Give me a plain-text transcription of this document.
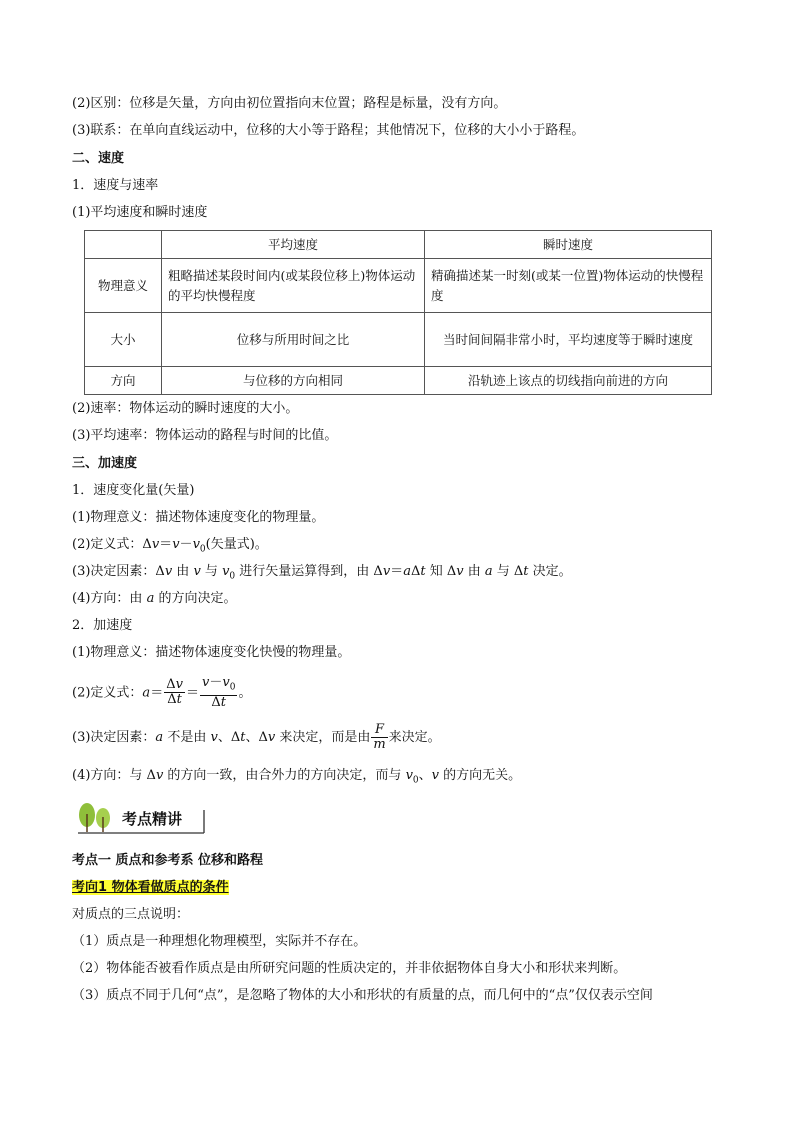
(2)区别：位移是矢量，方向由初位置指向末位置；路程是标量，没有方向。
(3)联系：在单向直线运动中，位移的大小等于路程；其他情况下，位移的大小小于路程。
二、速度
1．速度与速率
(1)平均速度和瞬时速度
	平均速度	瞬时速度
物理意义	粗略描述某段时间内(或某段位移上)物体运动的平均快慢程度	精确描述某一时刻(或某一位置)物体运动的快慢程度
大小	位移与所用时间之比	当时间间隔非常小时，平均速度等于瞬时速度
方向	与位移的方向相同	沿轨迹上该点的切线指向前进的方向
(2)速率：物体运动的瞬时速度的大小。
(3)平均速率：物体运动的路程与时间的比值。
三、加速度
1．速度变化量(矢量)
(1)物理意义：描述物体速度变化的物理量。
(2)定义式：$\Delta v=v-v_0$(矢量式)。
(3)决定因素：Δv 由 v 与 $v_0$ 进行矢量运算得到，由 Δv＝aΔt 知 Δv 由 a 与 Δt 决定。
(4)方向：由 a 的方向决定。
2．加速度
(1)物理意义：描述物体速度变化快慢的物理量。
(2)定义式：$a= \frac{\Delta v}{\Delta t} = \frac{v-v_0}{\Delta t}$ 。
(3)决定因素：a 不是由 v、Δt、Δv 来决定，而是由 $\frac{F}{m}$ 来决定。
(4)方向：与 Δv 的方向一致，由合外力的方向决定，而与 $v_0$、v 的方向无关。
考点精讲
考点一 质点和参考系 位移和路程
考向1 物体看做质点的条件
对质点的三点说明：
（1）质点是一种理想化物理模型，实际并不存在。
（2）物体能否被看作质点是由所研究问题的性质决定的，并非依据物体自身大小和形状来判断。
（3）质点不同于几何“点”，是忽略了物体的大小和形状的有质量的点，而几何中的“点”仅仅表示空间
